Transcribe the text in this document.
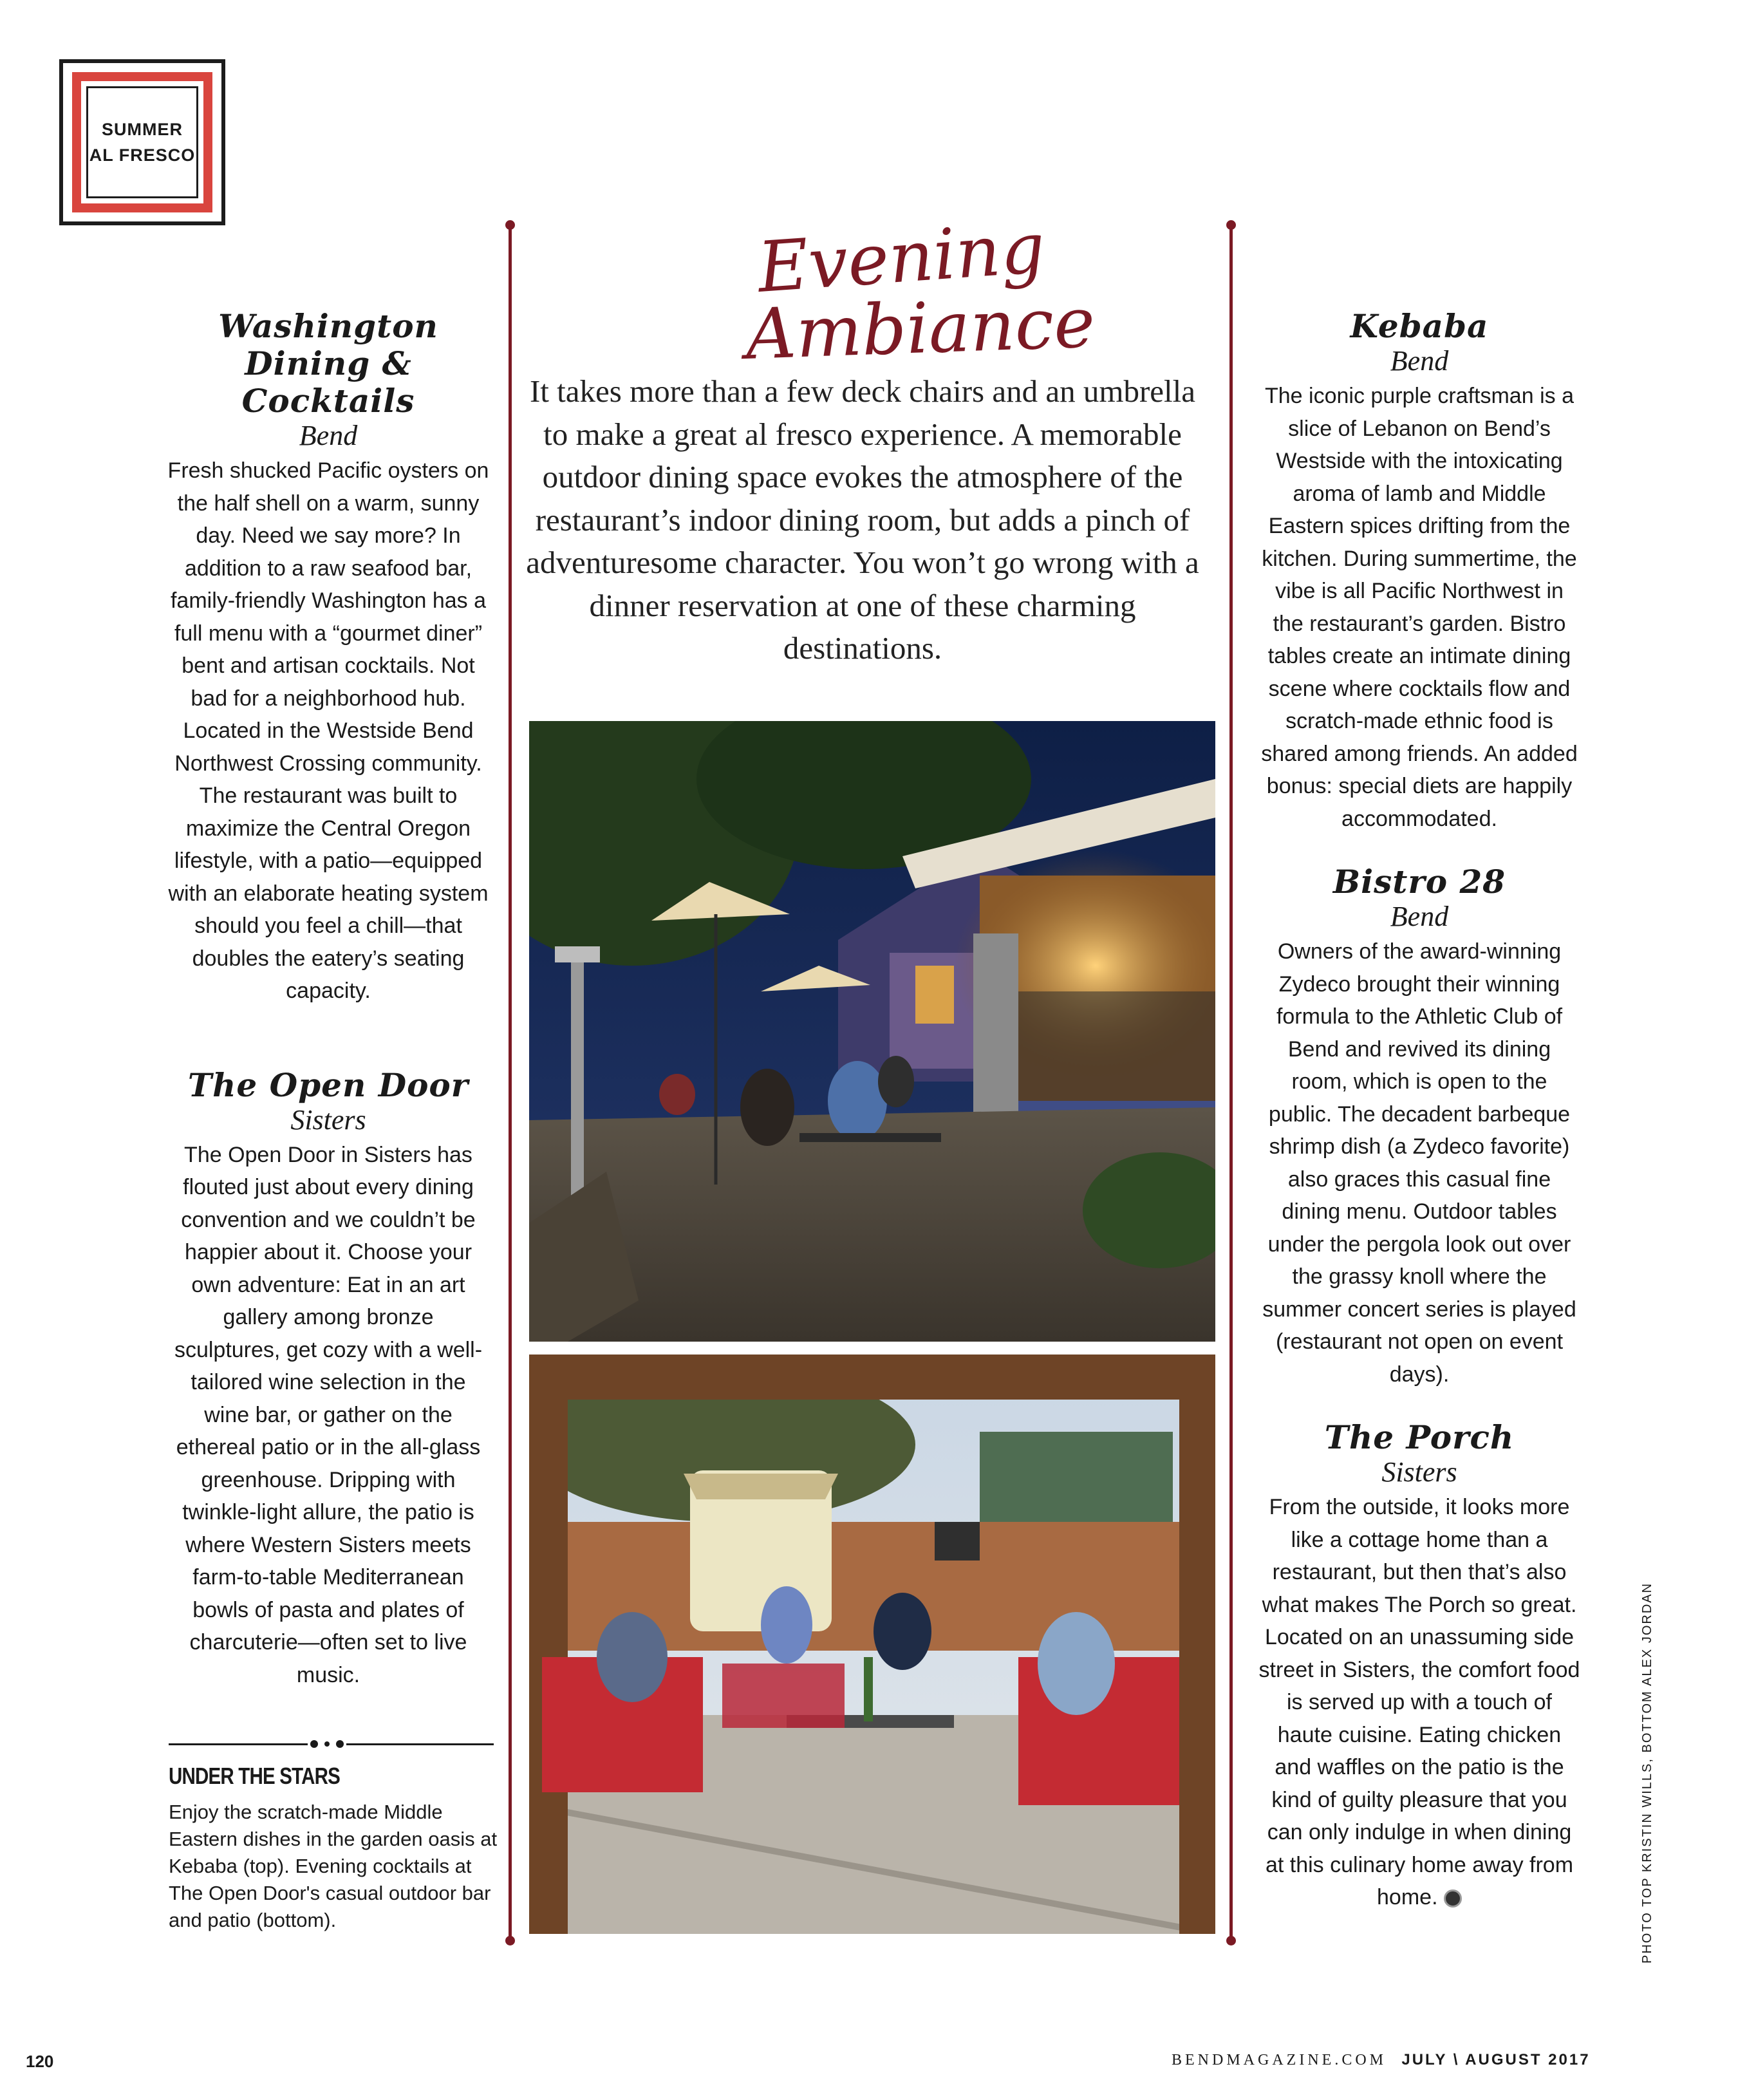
SUMMER
AL FRESCO

Washington Dining & Cocktails

Bend

Fresh shucked Pacific oysters on the half shell on a warm, sunny day. Need we say more? In addition to a raw seafood bar, family-friendly Washington has a full menu with a “gourmet diner” bent and artisan cocktails. Not bad for a neighborhood hub. Located in the Westside Bend Northwest Crossing community. The restaurant was built to maximize the Central Oregon lifestyle, with a patio—equipped with an elaborate heating system should you feel a chill—that doubles the eatery’s seating capacity.

The Open Door

Sisters

The Open Door in Sisters has flouted just about every dining convention and we couldn’t be happier about it. Choose your own adventure: Eat in an art gallery among bronze sculptures, get cozy with a well-tailored wine selection in the wine bar, or gather on the ethereal patio or in the all-glass greenhouse. Dripping with twinkle-light allure, the patio is where Western Sisters meets farm-to-table Mediterranean bowls of pasta and plates of charcuterie—often set to live music.

Evening
Ambiance
It takes more than a few deck chairs and an umbrella to make a great al fresco experience. A memorable outdoor dining space evokes the atmosphere of the restaurant’s indoor dining room, but adds a pinch of adventuresome character. You won’t go wrong with a dinner reservation at one of these charming destinations.

Kebaba

Bend

The iconic purple craftsman is a slice of Lebanon on Bend’s Westside with the intoxicating aroma of lamb and Middle Eastern spices drifting from the kitchen. During summertime, the vibe is all Pacific Northwest in the restaurant’s garden. Bistro tables create an intimate dining scene where cocktails flow and scratch-made ethnic food is shared among friends. An added bonus: special diets are happily accommodated.

Bistro 28

Bend

Owners of the award-winning Zydeco brought their winning formula to the Athletic Club of Bend and revived its dining room, which is open to the public. The decadent barbeque shrimp dish (a Zydeco favorite) also graces this casual fine dining menu. Outdoor tables under the pergola look out over the grassy knoll where the summer concert series is played (restaurant not open on event days).

The Porch

Sisters

From the outside, it looks more like a cottage home than a restaurant, but then that’s also what makes The Porch so great. Located on an unassuming side street in Sisters, the comfort food is served up with a touch of haute cuisine. Eating chicken and waffles on the patio is the kind of guilty pleasure that you can only indulge in when dining at this culinary home away from home.

UNDER THE STARS
Enjoy the scratch-made Middle Eastern dishes in the garden oasis at Kebaba (top). Evening cocktails at The Open Door's casual outdoor bar and patio (bottom).	PHOTO TOP KRISTIN WILLS, BOTTOM ALEX JORDAN
120	BENDMAGAZINE.COM JULY \ AUGUST 2017
